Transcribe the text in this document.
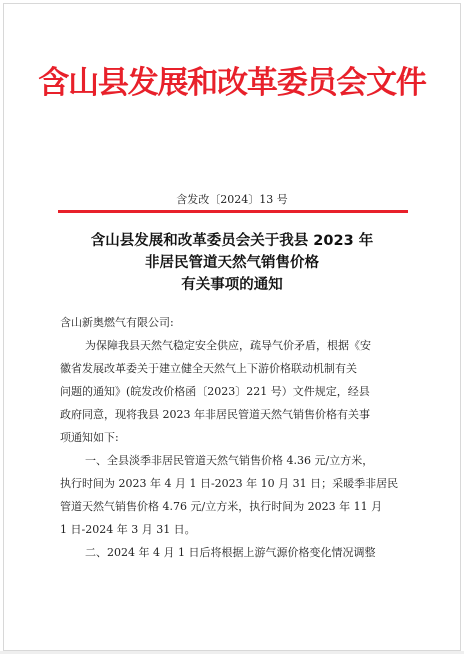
含山县发展和改革委员会文件
含发改〔2024〕13 号
含山县发展和改革委员会关于我县 2023 年
非居民管道天然气销售价格
有关事项的通知
含山新奥燃气有限公司:
为保障我县天然气稳定安全供应，疏导气价矛盾，根据《安
徽省发展改革委关于建立健全天然气上下游价格联动机制有关
问题的通知》(皖发改价格函〔2023〕221 号）文件规定，经县
政府同意，现将我县 2023 年非居民管道天然气销售价格有关事
项通知如下:
一、全县淡季非居民管道天然气销售价格 4.36 元/立方米，
执行时间为 2023 年 4 月 1 日-2023 年 10 月 31 日；采暖季非居民
管道天然气销售价格 4.76 元/立方米，执行时间为 2023 年 11 月
1 日-2024 年 3 月 31 日。
二、2024 年 4 月 1 日后将根据上游气源价格变化情况调整
